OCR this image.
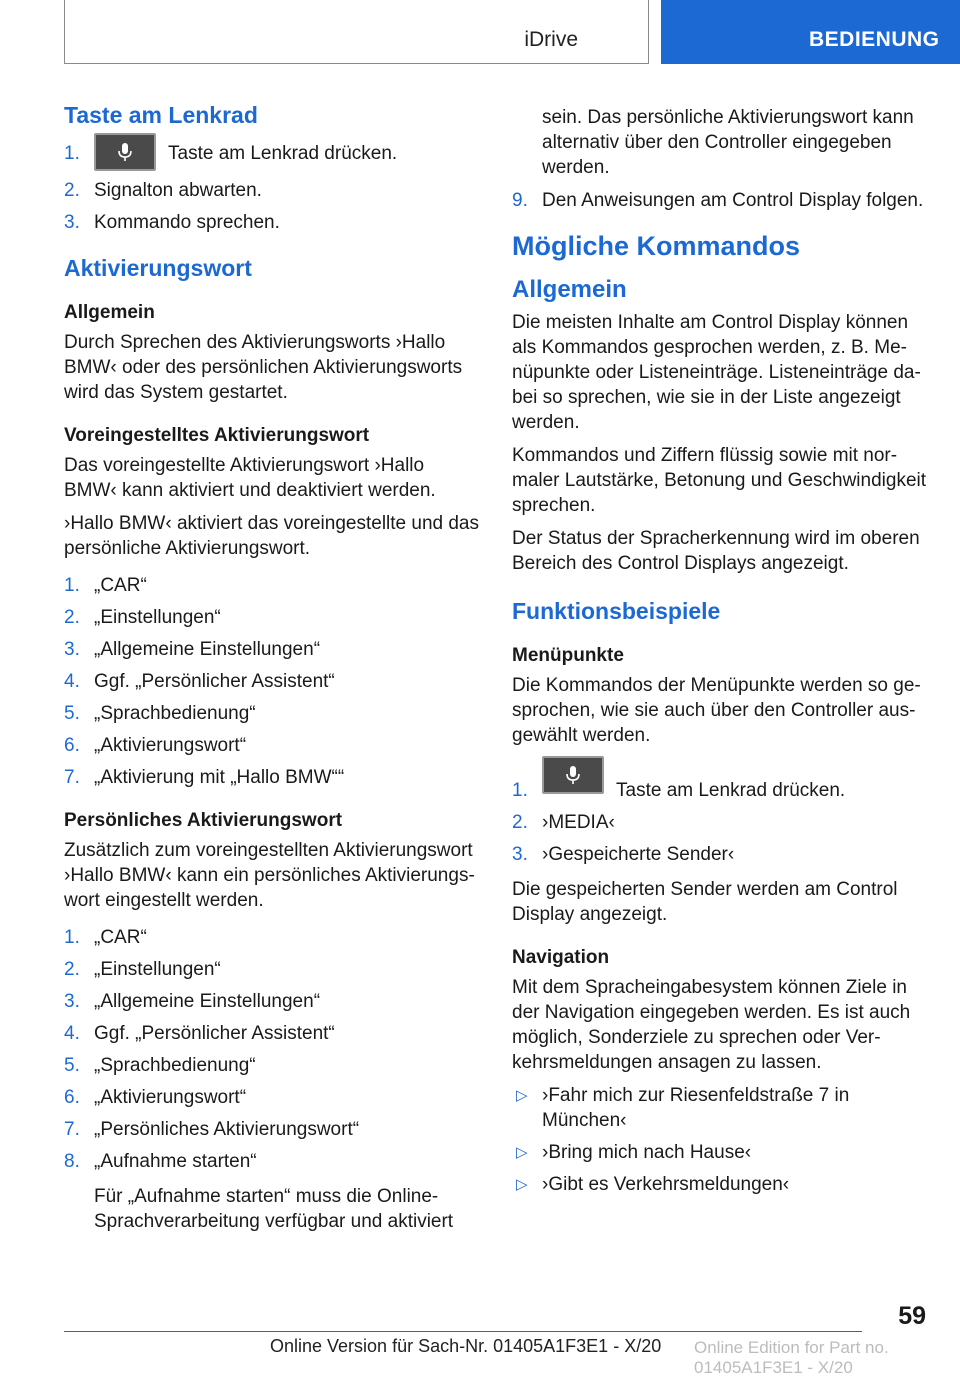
iDrive	BEDIENUNG
Taste am Lenkrad
1.	Taste am Lenkrad drücken.
2. Signalton abwarten.
3. Kommando sprechen.
Aktivierungswort
Allgemein

Durch Sprechen des Aktivierungsworts ›Hallo BMW‹ oder des persönlichen Aktivierungsworts wird das System gestartet.

Voreingestelltes Aktivierungswort

Das voreingestellte Aktivierungswort ›Hallo BMW‹ kann aktiviert und deaktiviert werden.

›Hallo BMW‹ aktiviert das voreingestellte und das persönliche Aktivierungswort.

1. „CAR“
2. „Einstellungen“
3. „Allgemeine Einstellungen“
4. Ggf. „Persönlicher Assistent“
5. „Sprachbedienung“
6. „Aktivierungswort“
7. „Aktivierung mit „Hallo BMW““
Persönliches Aktivierungswort

Zusätzlich zum voreingestellten Aktivierungswort ›Hallo BMW‹ kann ein persönliches Aktivierungswort eingestellt werden.

1. „CAR“
2. „Einstellungen“
3. „Allgemeine Einstellungen“
4. Ggf. „Persönlicher Assistent“
5. „Sprachbedienung“
6. „Aktivierungswort“
7. „Persönliches Aktivierungswort“
8. „Aufnahme starten“

Für „Aufnahme starten“ muss die Online-Sprachverarbeitung verfügbar und aktiviert

sein. Das persönliche Aktivierungswort kann alternativ über den Controller eingegeben werden.

9. Den Anweisungen am Control Display folgen.
Mögliche Kommandos
Allgemein

Die meisten Inhalte am Control Display können als Kommandos gesprochen werden, z. B. Menüpunkte oder Listeneinträge. Listeneinträge dabei so sprechen, wie sie in der Liste angezeigt werden.

Kommandos und Ziffern flüssig sowie mit normaler Lautstärke, Betonung und Geschwindigkeit sprechen.

Der Status der Spracherkennung wird im oberen Bereich des Control Displays angezeigt.

Funktionsbeispiele
Menüpunkte

Die Kommandos der Menüpunkte werden so gesprochen, wie sie auch über den Controller ausgewählt werden.

1.	Taste am Lenkrad drücken.
2. ›MEDIA‹
3. ›Gespeicherte Sender‹

Die gespeicherten Sender werden am Control Display angezeigt.

Navigation

Mit dem Spracheingabesystem können Ziele in der Navigation eingegeben werden. Es ist auch möglich, Sonderziele zu sprechen oder Verkehrsmeldungen ansagen zu lassen.

▷ ›Fahr mich zur Riesenfeldstraße 7 in München‹
▷ ›Bring mich nach Hause‹
▷ ›Gibt es Verkehrsmeldungen‹
59
Online Version für Sach-Nr. 01405A1F3E1 - X/20 Online Edition for Part no. 01405A1F3E1 - X/20
